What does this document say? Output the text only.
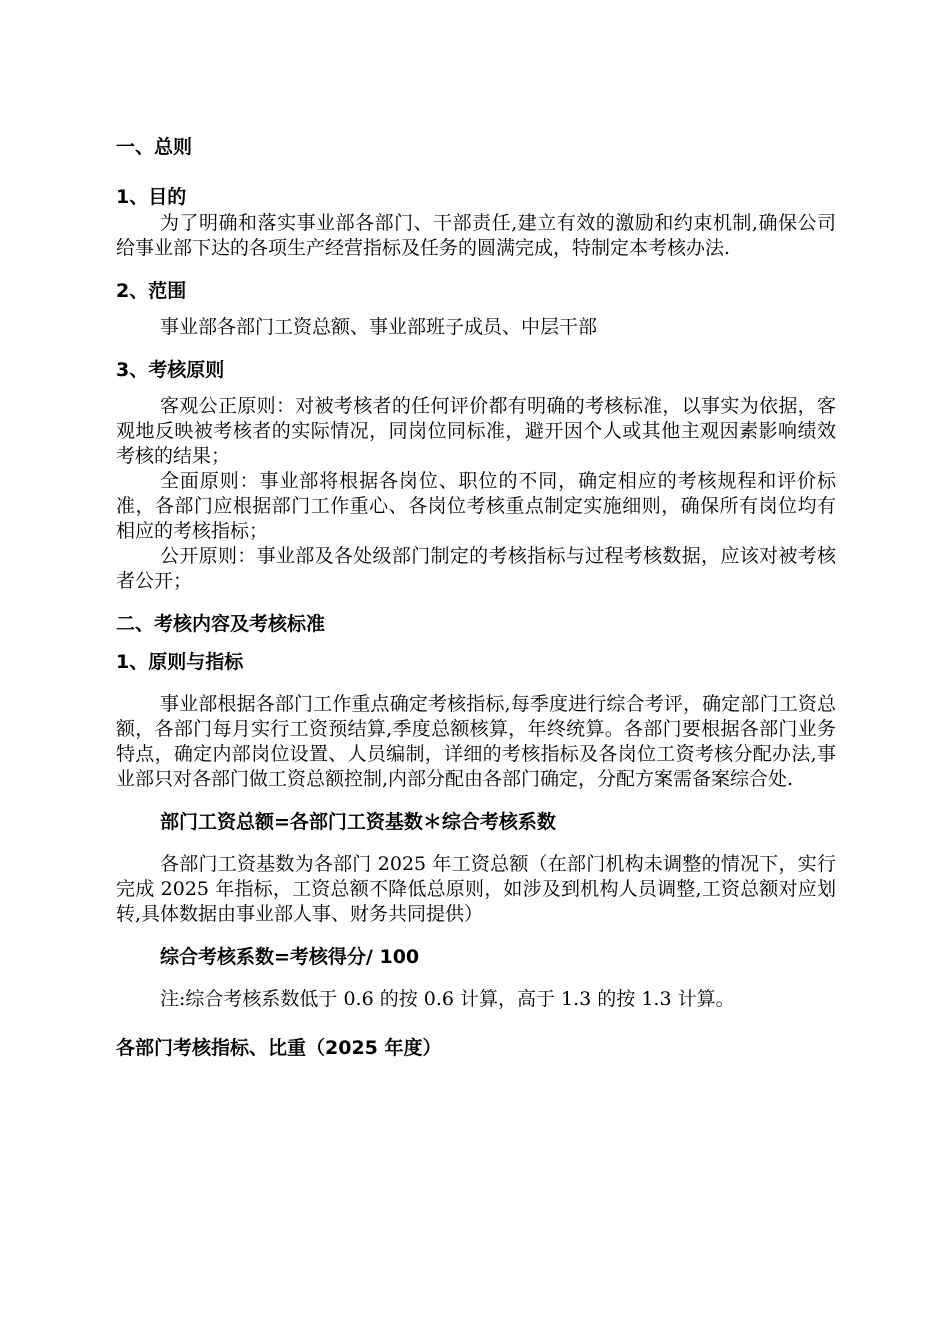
一、总则

1、目的

为了明确和落实事业部各部门、干部责任,建立有效的激励和约束机制,确保公司给事业部下达的各项生产经营指标及任务的圆满完成，特制定本考核办法.

2、范围

事业部各部门工资总额、事业部班子成员、中层干部

3、考核原则

客观公正原则：对被考核者的任何评价都有明确的考核标准，以事实为依据，客观地反映被考核者的实际情况，同岗位同标准，避开因个人或其他主观因素影响绩效考核的结果；

全面原则：事业部将根据各岗位、职位的不同，确定相应的考核规程和评价标准，各部门应根据部门工作重心、各岗位考核重点制定实施细则，确保所有岗位均有相应的考核指标；

公开原则：事业部及各处级部门制定的考核指标与过程考核数据，应该对被考核者公开；

二、考核内容及考核标准

1、原则与指标

事业部根据各部门工作重点确定考核指标,每季度进行综合考评，确定部门工资总额，各部门每月实行工资预结算,季度总额核算，年终统算。各部门要根据各部门业务特点，确定内部岗位设置、人员编制，详细的考核指标及各岗位工资考核分配办法,事业部只对各部门做工资总额控制,内部分配由各部门确定，分配方案需备案综合处.

部门工资总额=各部门工资基数＊综合考核系数

各部门工资基数为各部门 2025 年工资总额（在部门机构未调整的情况下，实行完成 2025 年指标，工资总额不降低总原则，如涉及到机构人员调整,工资总额对应划转,具体数据由事业部人事、财务共同提供）

综合考核系数=考核得分/ 100

注:综合考核系数低于 0.6 的按 0.6 计算，高于 1.3 的按 1.3 计算。

各部门考核指标、比重（2025 年度）
